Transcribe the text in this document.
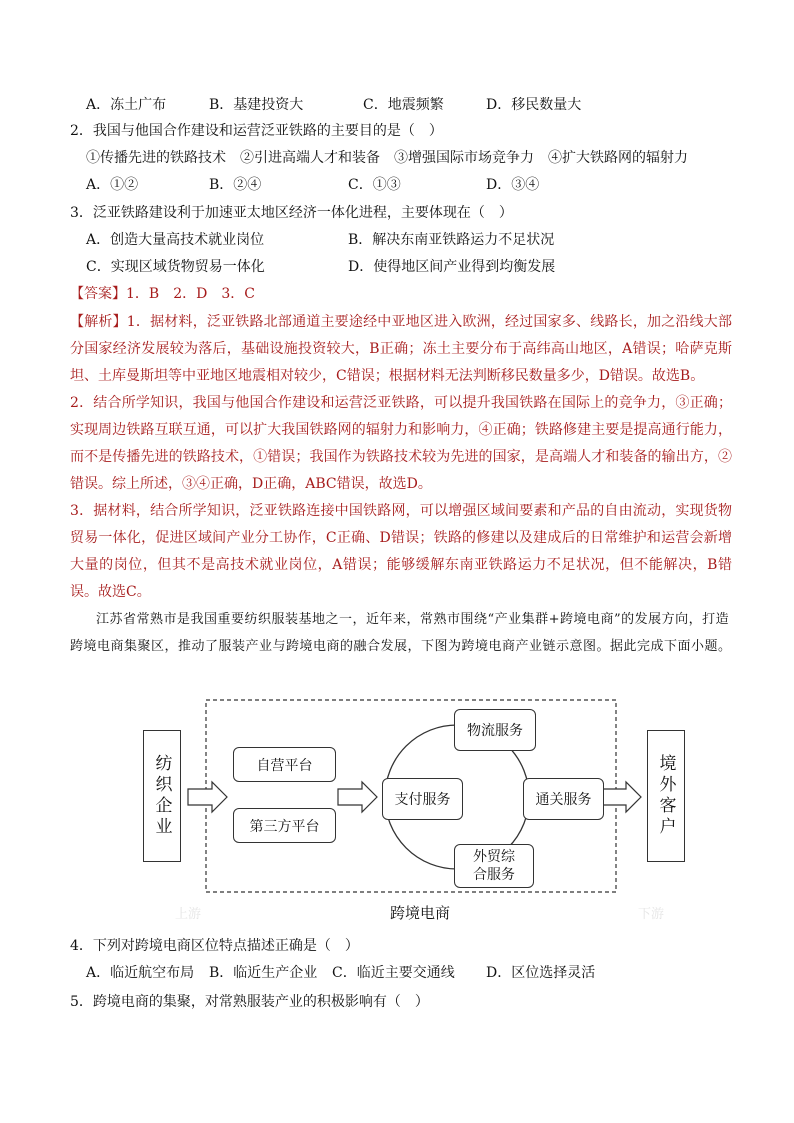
A．冻土广布	B．基建投资大	C．地震频繁	D．移民数量大
2．我国与他国合作建设和运营泛亚铁路的主要目的是（　）
①传播先进的铁路技术　②引进高端人才和装备　③增强国际市场竞争力　④扩大铁路网的辐射力
A．①②	B．②④	C．①③	D．③④
3．泛亚铁路建设利于加速亚太地区经济一体化进程，主要体现在（　）
A．创造大量高技术就业岗位	B．解决东南亚铁路运力不足状况
C．实现区域货物贸易一体化	D．使得地区间产业得到均衡发展
【答案】1．B　2．D　3．C
【解析】1．据材料，泛亚铁路北部通道主要途经中亚地区进入欧洲，经过国家多、线路长，加之沿线大部分国家经济发展较为落后，基础设施投资较大，B正确；冻土主要分布于高纬高山地区，A错误；哈萨克斯坦、土库曼斯坦等中亚地区地震相对较少，C错误；根据材料无法判断移民数量多少，D错误。故选B。
2．结合所学知识，我国与他国合作建设和运营泛亚铁路，可以提升我国铁路在国际上的竞争力，③正确；实现周边铁路互联互通，可以扩大我国铁路网的辐射力和影响力，④正确；铁路修建主要是提高通行能力，而不是传播先进的铁路技术，①错误；我国作为铁路技术较为先进的国家，是高端人才和装备的输出方，②错误。综上所述，③④正确，D正确，ABC错误，故选D。
3．据材料，结合所学知识，泛亚铁路连接中国铁路网，可以增强区域间要素和产品的自由流动，实现货物贸易一体化，促进区域间产业分工协作，C正确、D错误；铁路的修建以及建成后的日常维护和运营会新增大量的岗位，但其不是高技术就业岗位，A错误；能够缓解东南亚铁路运力不足状况，但不能解决，B错误。故选C。
江苏省常熟市是我国重要纺织服装基地之一，近年来，常熟市围绕“产业集群+跨境电商”的发展方向，打造跨境电商集聚区，推动了服装产业与跨境电商的融合发展，下图为跨境电商产业链示意图。据此完成下面小题。
纺织企业	自营平台
第三方平台
支付服务
物流服务
通关服务
外贸综合服务
境外客户
上游	跨境电商	下游
4．下列对跨境电商区位特点描述正确是（　）
A．临近航空布局 B．临近生产企业 C．临近主要交通线 D．区位选择灵活
5．跨境电商的集聚，对常熟服装产业的积极影响有（　）
